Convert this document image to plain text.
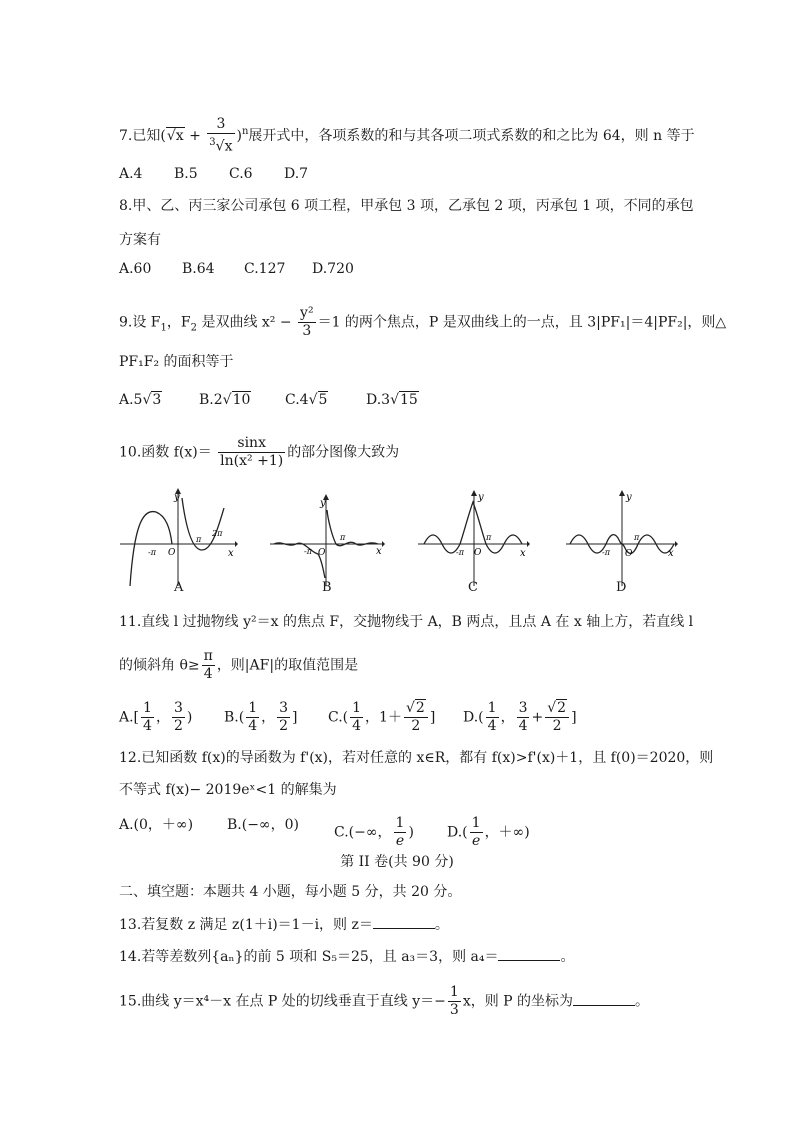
7.已知$(√x + \frac{3}{^3√x} )^n$展开式中，各项系数的和与其各项二项式系数的和之比为 64，则 n 等于
A.4 B.5 C.6 D.7
8.甲、乙、丙三家公司承包 6 项工程，甲承包 3 项，乙承包 2 项，丙承包 1 项，不同的承包
方案有
A.60 B.64 C.127 D.720
9.设 $F_1$，$F_2$ 是双曲线 $x^2 - \frac{\text{y²}}{3} =1$ 的两个焦点，P 是双曲线上的一点，且 3|PF₁|＝4|PF₂|，则△
PF₁F₂ 的面积等于
A.5√3	B.2√10 C.4√5	D.3√15
10.函数 $f(x)= \frac{\sin x}{\text{ln(x² +1)}}$ 的部分图像大致为
y
x
O
-π
π
2π
y
x
O
-π
π
y
x
O
-π
π
y
x
O
-π
π
A	B	C	D
11.直线 l 过抛物线 y²＝x 的焦点 F，交抛物线于 A，B 两点，且点 A 在 x 轴上方，若直线 l
的倾斜角 $\theta\ge \frac{\pi}{4}$ ，则|AF|的取值范围是
$A.[ \frac{1}{4}$ ， $\frac{3}{2}$ ) $B.( \frac{1}{4}$ ， $\frac{3}{2}$ ] $C.( \frac{1}{4}$ ，$1+ \frac{√2}{2}$ ] $D.( \frac{1}{4}$ ， $\frac{3}{4} + \frac{√2}{2}$ ]
12.已知函数 f(x)的导函数为 f'(x)，若对任意的 x∈R，都有 f(x)>f'(x)＋1，且 f(0)＝2020，则
不等式 f(x)− 2019eˣ<1 的解集为
A.(0，＋∞) B.(−∞，0)	C.(−∞， $\frac{1}{e}$ ) $D.( \frac{1}{e}$ ，＋∞)
第 II 卷(共 90 分)
二、填空题：本题共 4 小题，每小题 5 分，共 20 分。
13.若复数 z 满足 z(1＋i)＝1－i，则 z＝	。
14.若等差数列{aₙ}的前 5 项和 S₅＝25，且 a₃＝3，则 a₄＝	。
15.曲线 y＝x⁴－x 在点 P 处的切线垂直于直线 $y=- \frac{1}{3}$ x，则 P 的坐标为	。
